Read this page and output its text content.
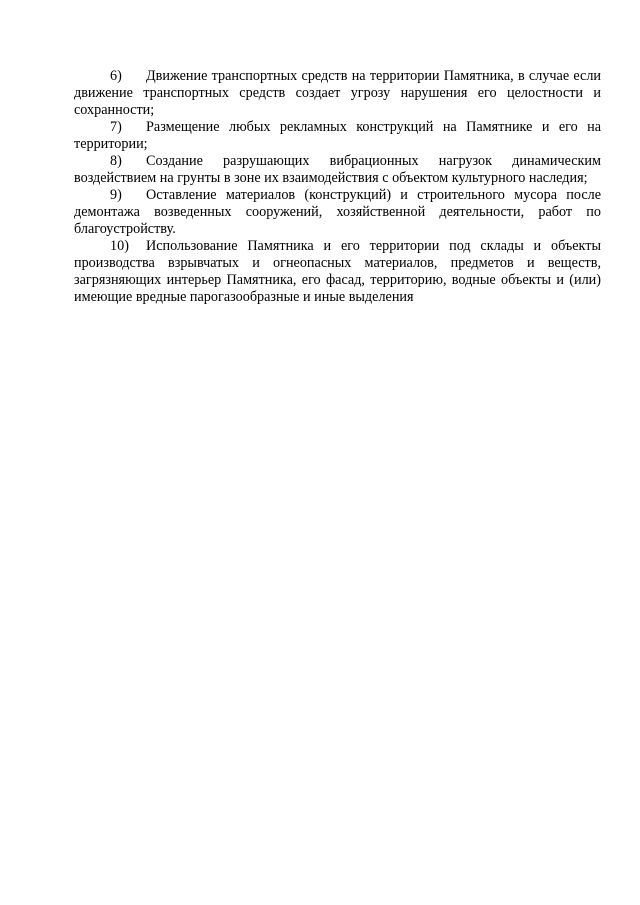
6) Движение транспортных средств на территории Памятника, в случае если движение транспортных средств создает угрозу нарушения его целостности и сохранности;

7) Размещение любых рекламных конструкций на Памятнике и его на территории;

8) Создание разрушающих вибрационных нагрузок динамическим воздействием на грунты в зоне их взаимодействия с объектом культурного наследия;

9) Оставление материалов (конструкций) и строительного мусора после демонтажа возведенных сооружений, хозяйственной деятельности, работ по благоустройству.

10) Использование Памятника и его территории под склады и объекты производства взрывчатых и огнеопасных материалов, предметов и веществ, загрязняющих интерьер Памятника, его фасад, территорию, водные объекты и (или) имеющие вредные парогазообразные и иные выделения
